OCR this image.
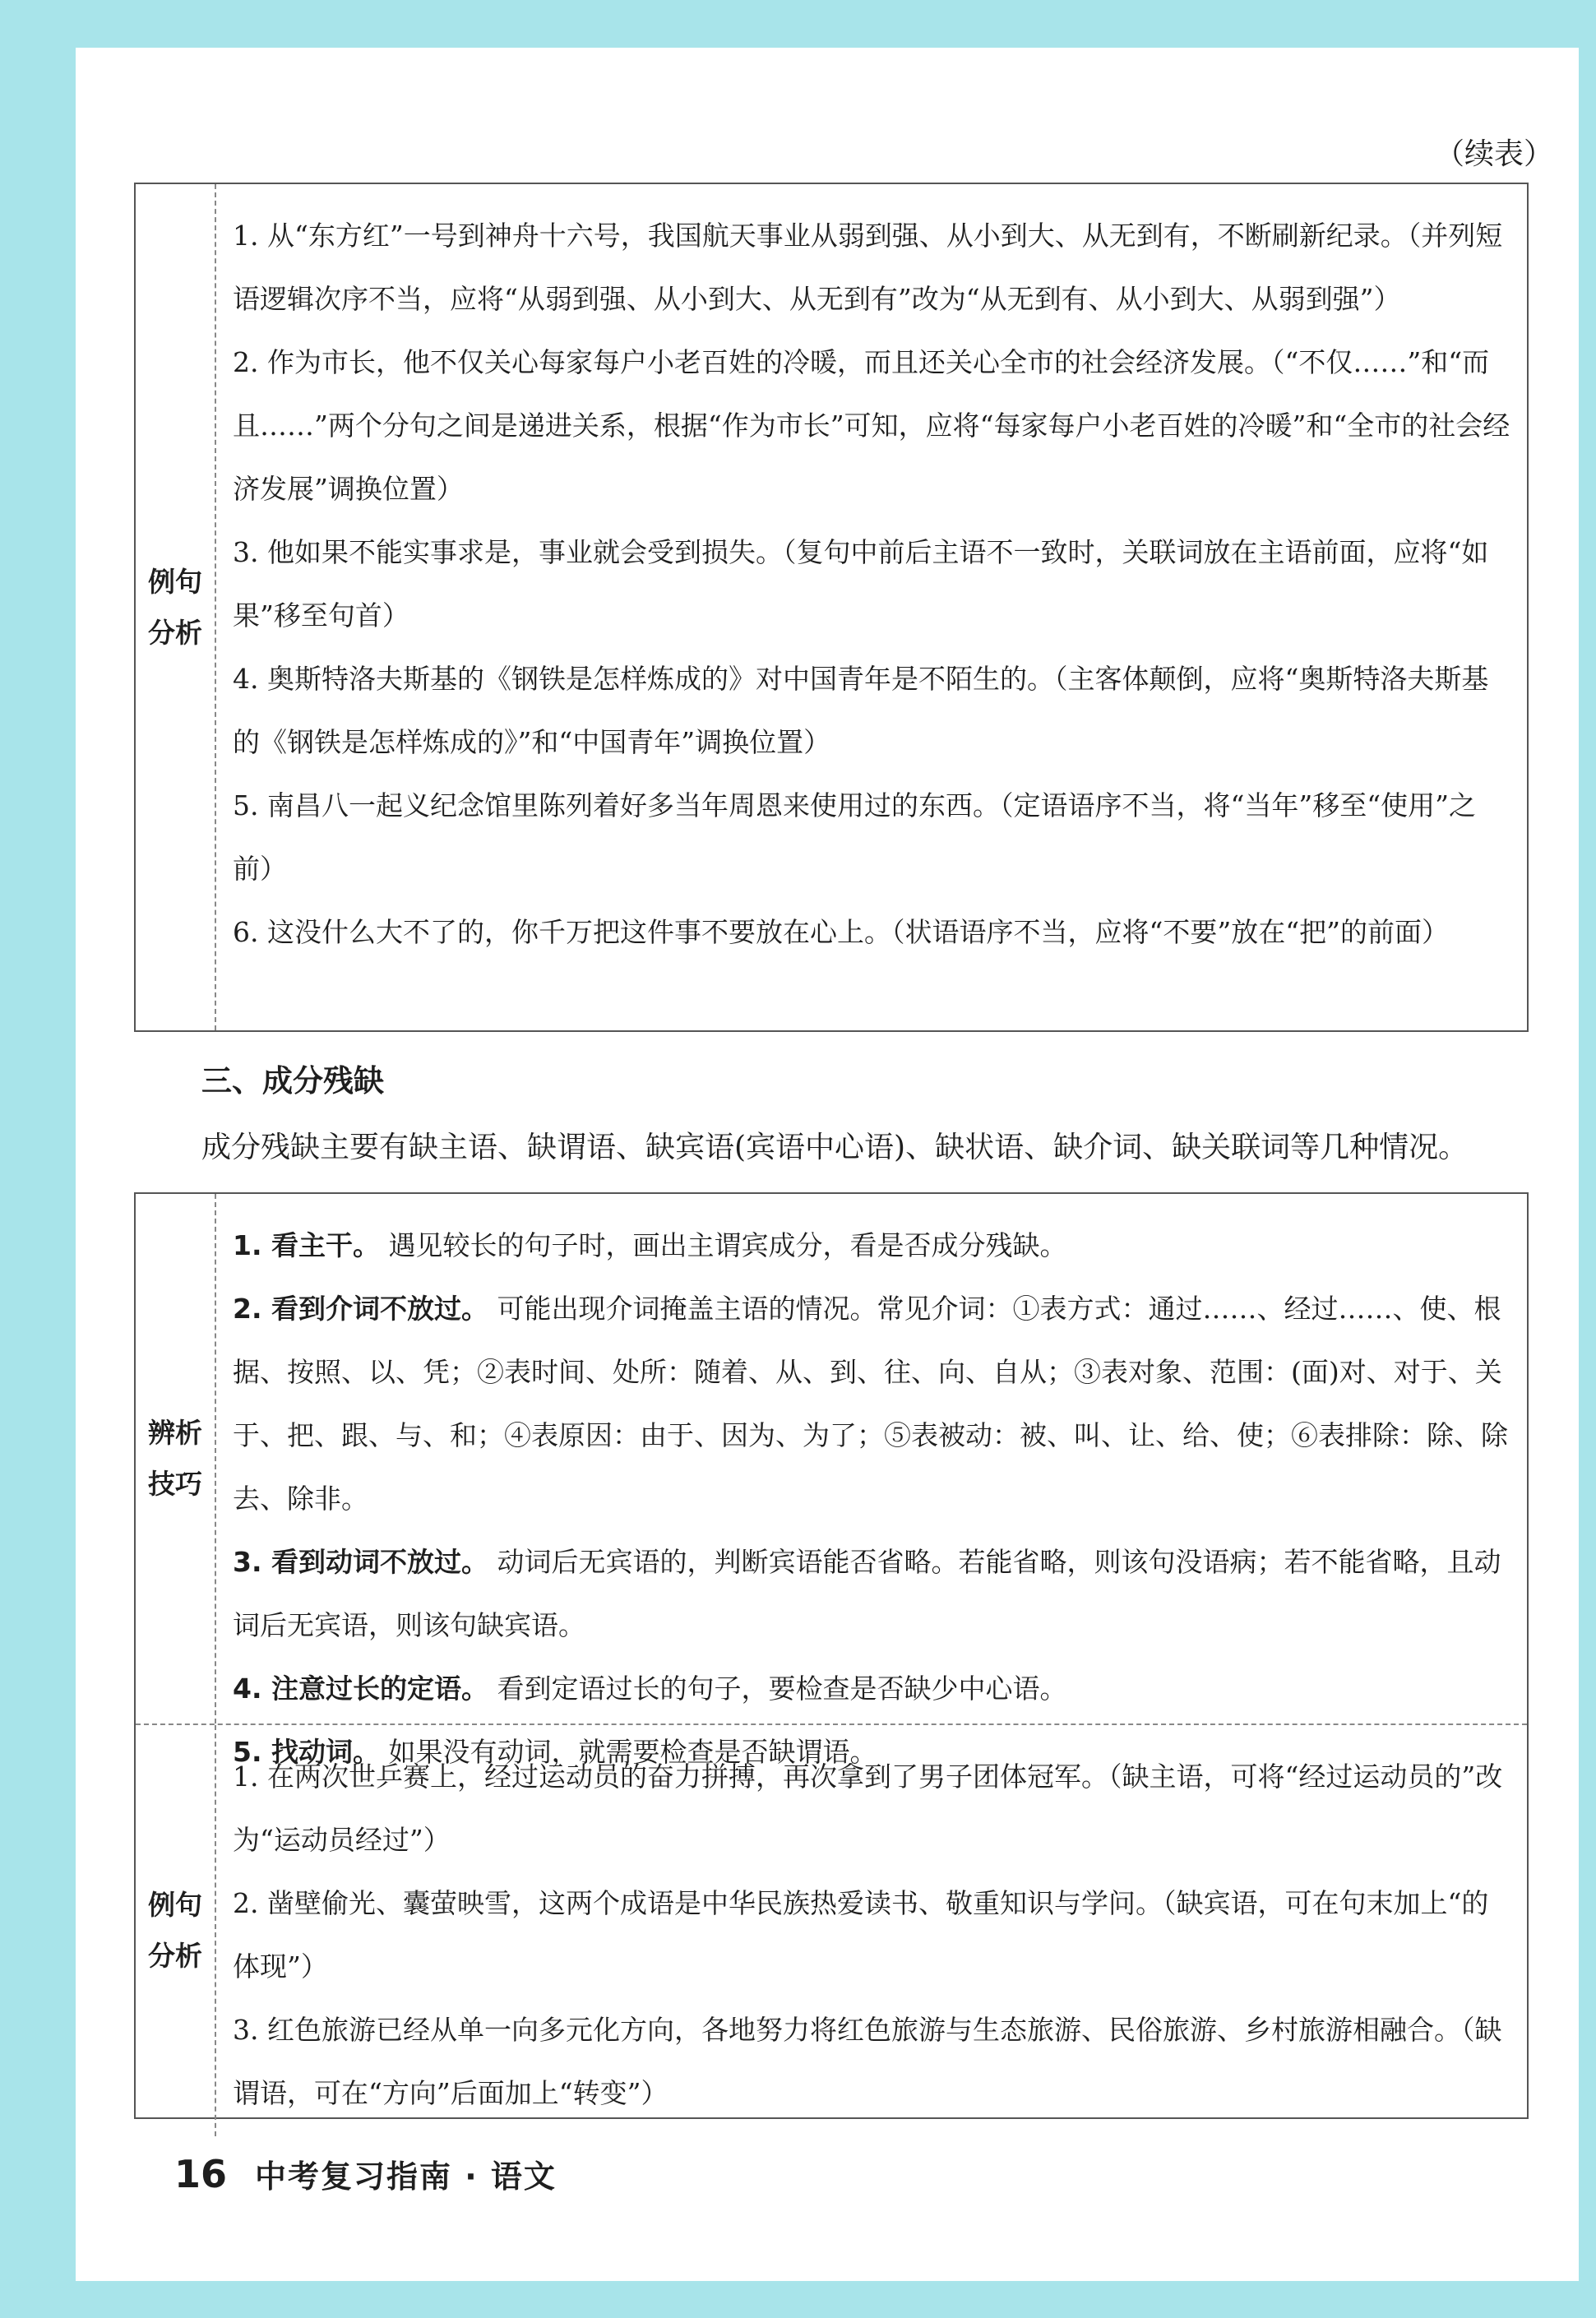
（续表）
例句
分析
1. 从“东方红”一号到神舟十六号，我国航天事业从弱到强、从小到大、从无到有，不断刷新纪录。（并列短语逻辑次序不当，应将“从弱到强、从小到大、从无到有”改为“从无到有、从小到大、从弱到强”）
2. 作为市长，他不仅关心每家每户小老百姓的冷暖，而且还关心全市的社会经济发展。（“不仅……”和“而且……”两个分句之间是递进关系，根据“作为市长”可知，应将“每家每户小老百姓的冷暖”和“全市的社会经济发展”调换位置）
3. 他如果不能实事求是，事业就会受到损失。（复句中前后主语不一致时，关联词放在主语前面，应将“如果”移至句首）
4. 奥斯特洛夫斯基的《钢铁是怎样炼成的》对中国青年是不陌生的。（主客体颠倒，应将“奥斯特洛夫斯基的《钢铁是怎样炼成的》”和“中国青年”调换位置）
5. 南昌八一起义纪念馆里陈列着好多当年周恩来使用过的东西。（定语语序不当，将“当年”移至“使用”之前）
6. 这没什么大不了的，你千万把这件事不要放在心上。（状语语序不当，应将“不要”放在“把”的前面）
三、成分残缺
成分残缺主要有缺主语、缺谓语、缺宾语(宾语中心语)、缺状语、缺介词、缺关联词等几种情况。
辨析
技巧
1. 看主干。 遇见较长的句子时，画出主谓宾成分，看是否成分残缺。
2. 看到介词不放过。 可能出现介词掩盖主语的情况。常见介词：①表方式：通过……、经过……、使、根据、按照、以、凭；②表时间、处所：随着、从、到、往、向、自从；③表对象、范围：(面)对、对于、关于、把、跟、与、和；④表原因：由于、因为、为了；⑤表被动：被、叫、让、给、使；⑥表排除：除、除去、除非。
3. 看到动词不放过。 动词后无宾语的，判断宾语能否省略。若能省略，则该句没语病；若不能省略，且动词后无宾语，则该句缺宾语。
4. 注意过长的定语。 看到定语过长的句子，要检查是否缺少中心语。
5. 找动词。 如果没有动词，就需要检查是否缺谓语。
例句
分析
1. 在两次世乒赛上，经过运动员的奋力拼搏，再次拿到了男子团体冠军。（缺主语，可将“经过运动员的”改为“运动员经过”）
2. 凿壁偷光、囊萤映雪，这两个成语是中华民族热爱读书、敬重知识与学问。（缺宾语，可在句末加上“的体现”）
3. 红色旅游已经从单一向多元化方向，各地努力将红色旅游与生态旅游、民俗旅游、乡村旅游相融合。（缺谓语，可在“方向”后面加上“转变”）
16 中考复习指南 · 语文
